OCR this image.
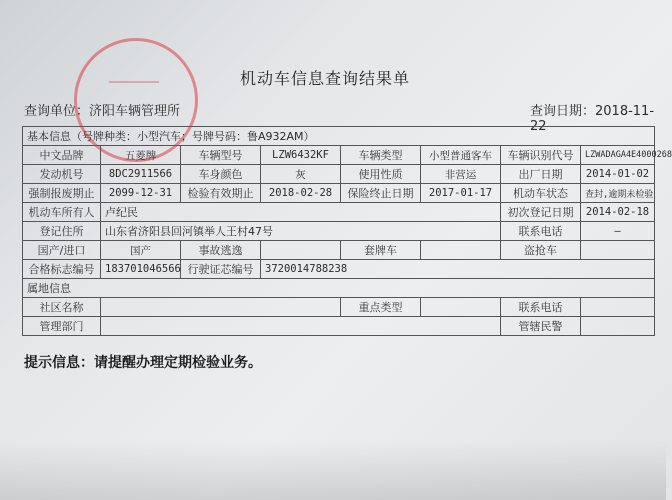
机动车信息查询结果单
查询单位：济阳车辆管理所	查询日期：2018-11-22
基本信息（号牌种类：小型汽车；号牌号码：鲁A932AM）							
中文品牌	五菱牌	车辆型号	LZW6432KF	车辆类型	小型普通客车	车辆识别代号	LZWADAGA4E4000268
发动机号	8DC2911566	车身颜色	灰	使用性质	非营运	出厂日期	2014-01-02
强制报废期止	2099-12-31	检验有效期止	2018-02-28	保险终止日期	2017-01-17	机动车状态	查封,逾期未检验
机动车所有人	卢纪民					初次登记日期	2014-02-18
登记住所	山东省济阳县回河镇举人王村47号					联系电话	—
国产/进口	国产	事故逃逸		套牌车		盗抢车	
合格标志编号	183701046566	行驶证芯编号	3720014788238				
属地信息							
社区名称				重点类型		联系电话	
管理部门						管辖民警	
提示信息：请提醒办理定期检验业务。
